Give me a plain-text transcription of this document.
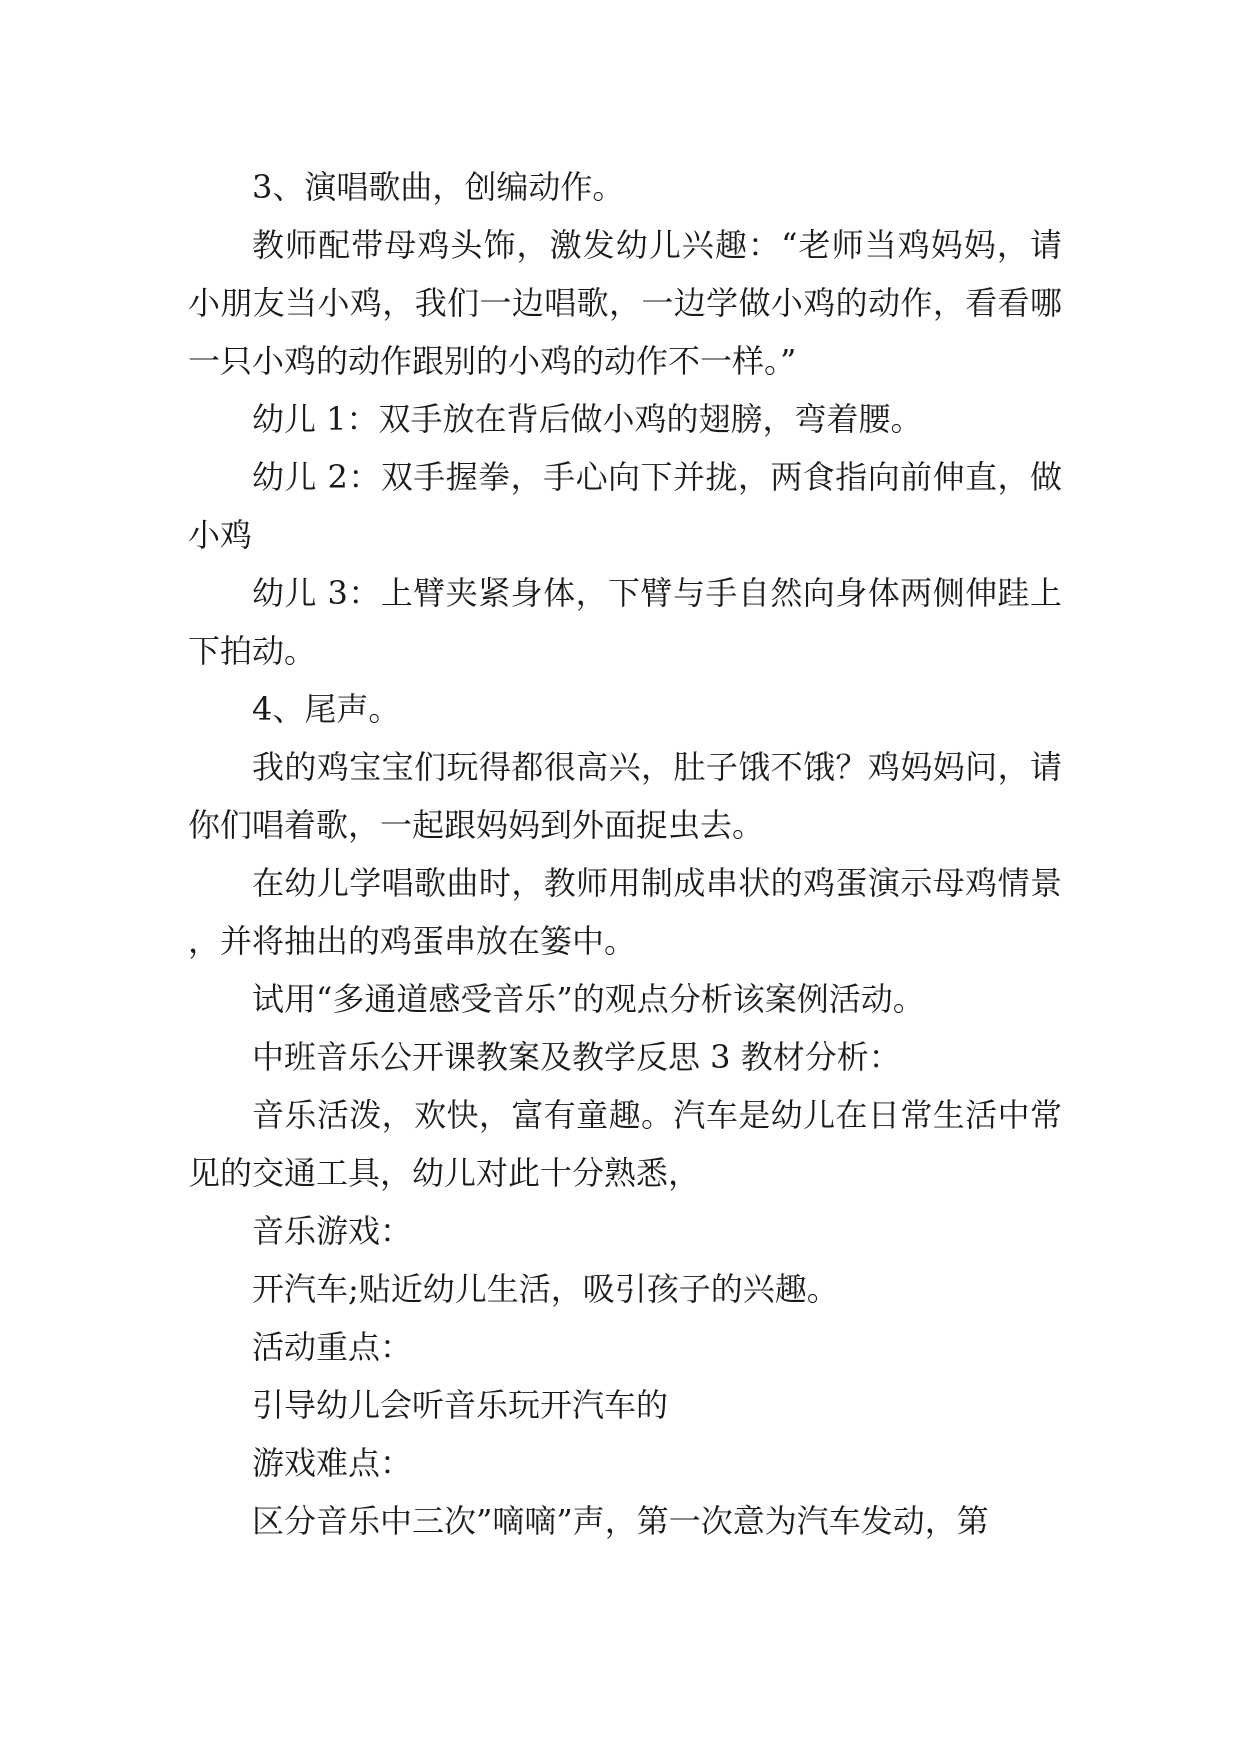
3、演唱歌曲，创编动作。

教师配带母鸡头饰，激发幼儿兴趣：“老师当鸡妈妈，请小朋友当小鸡，我们一边唱歌，一边学做小鸡的动作，看看哪一只小鸡的动作跟别的小鸡的动作不一样。”

幼儿 1：双手放在背后做小鸡的翅膀，弯着腰。

幼儿 2：双手握拳，手心向下并拢，两食指向前伸直，做小鸡

幼儿 3：上臂夹紧身体，下臂与手自然向身体两侧伸跬上下拍动。

4、尾声。

我的鸡宝宝们玩得都很高兴，肚子饿不饿？鸡妈妈问，请你们唱着歌，一起跟妈妈到外面捉虫去。

在幼儿学唱歌曲时，教师用制成串状的鸡蛋演示母鸡情景，并将抽出的鸡蛋串放在篓中。

试用“多通道感受音乐”的观点分析该案例活动。

中班音乐公开课教案及教学反思 3 教材分析：

音乐活泼，欢快，富有童趣。汽车是幼儿在日常生活中常见的交通工具，幼儿对此十分熟悉，

音乐游戏：

开汽车;贴近幼儿生活，吸引孩子的兴趣。

活动重点：

引导幼儿会听音乐玩开汽车的

游戏难点：

区分音乐中三次”嘀嘀”声，第一次意为汽车发动，第
